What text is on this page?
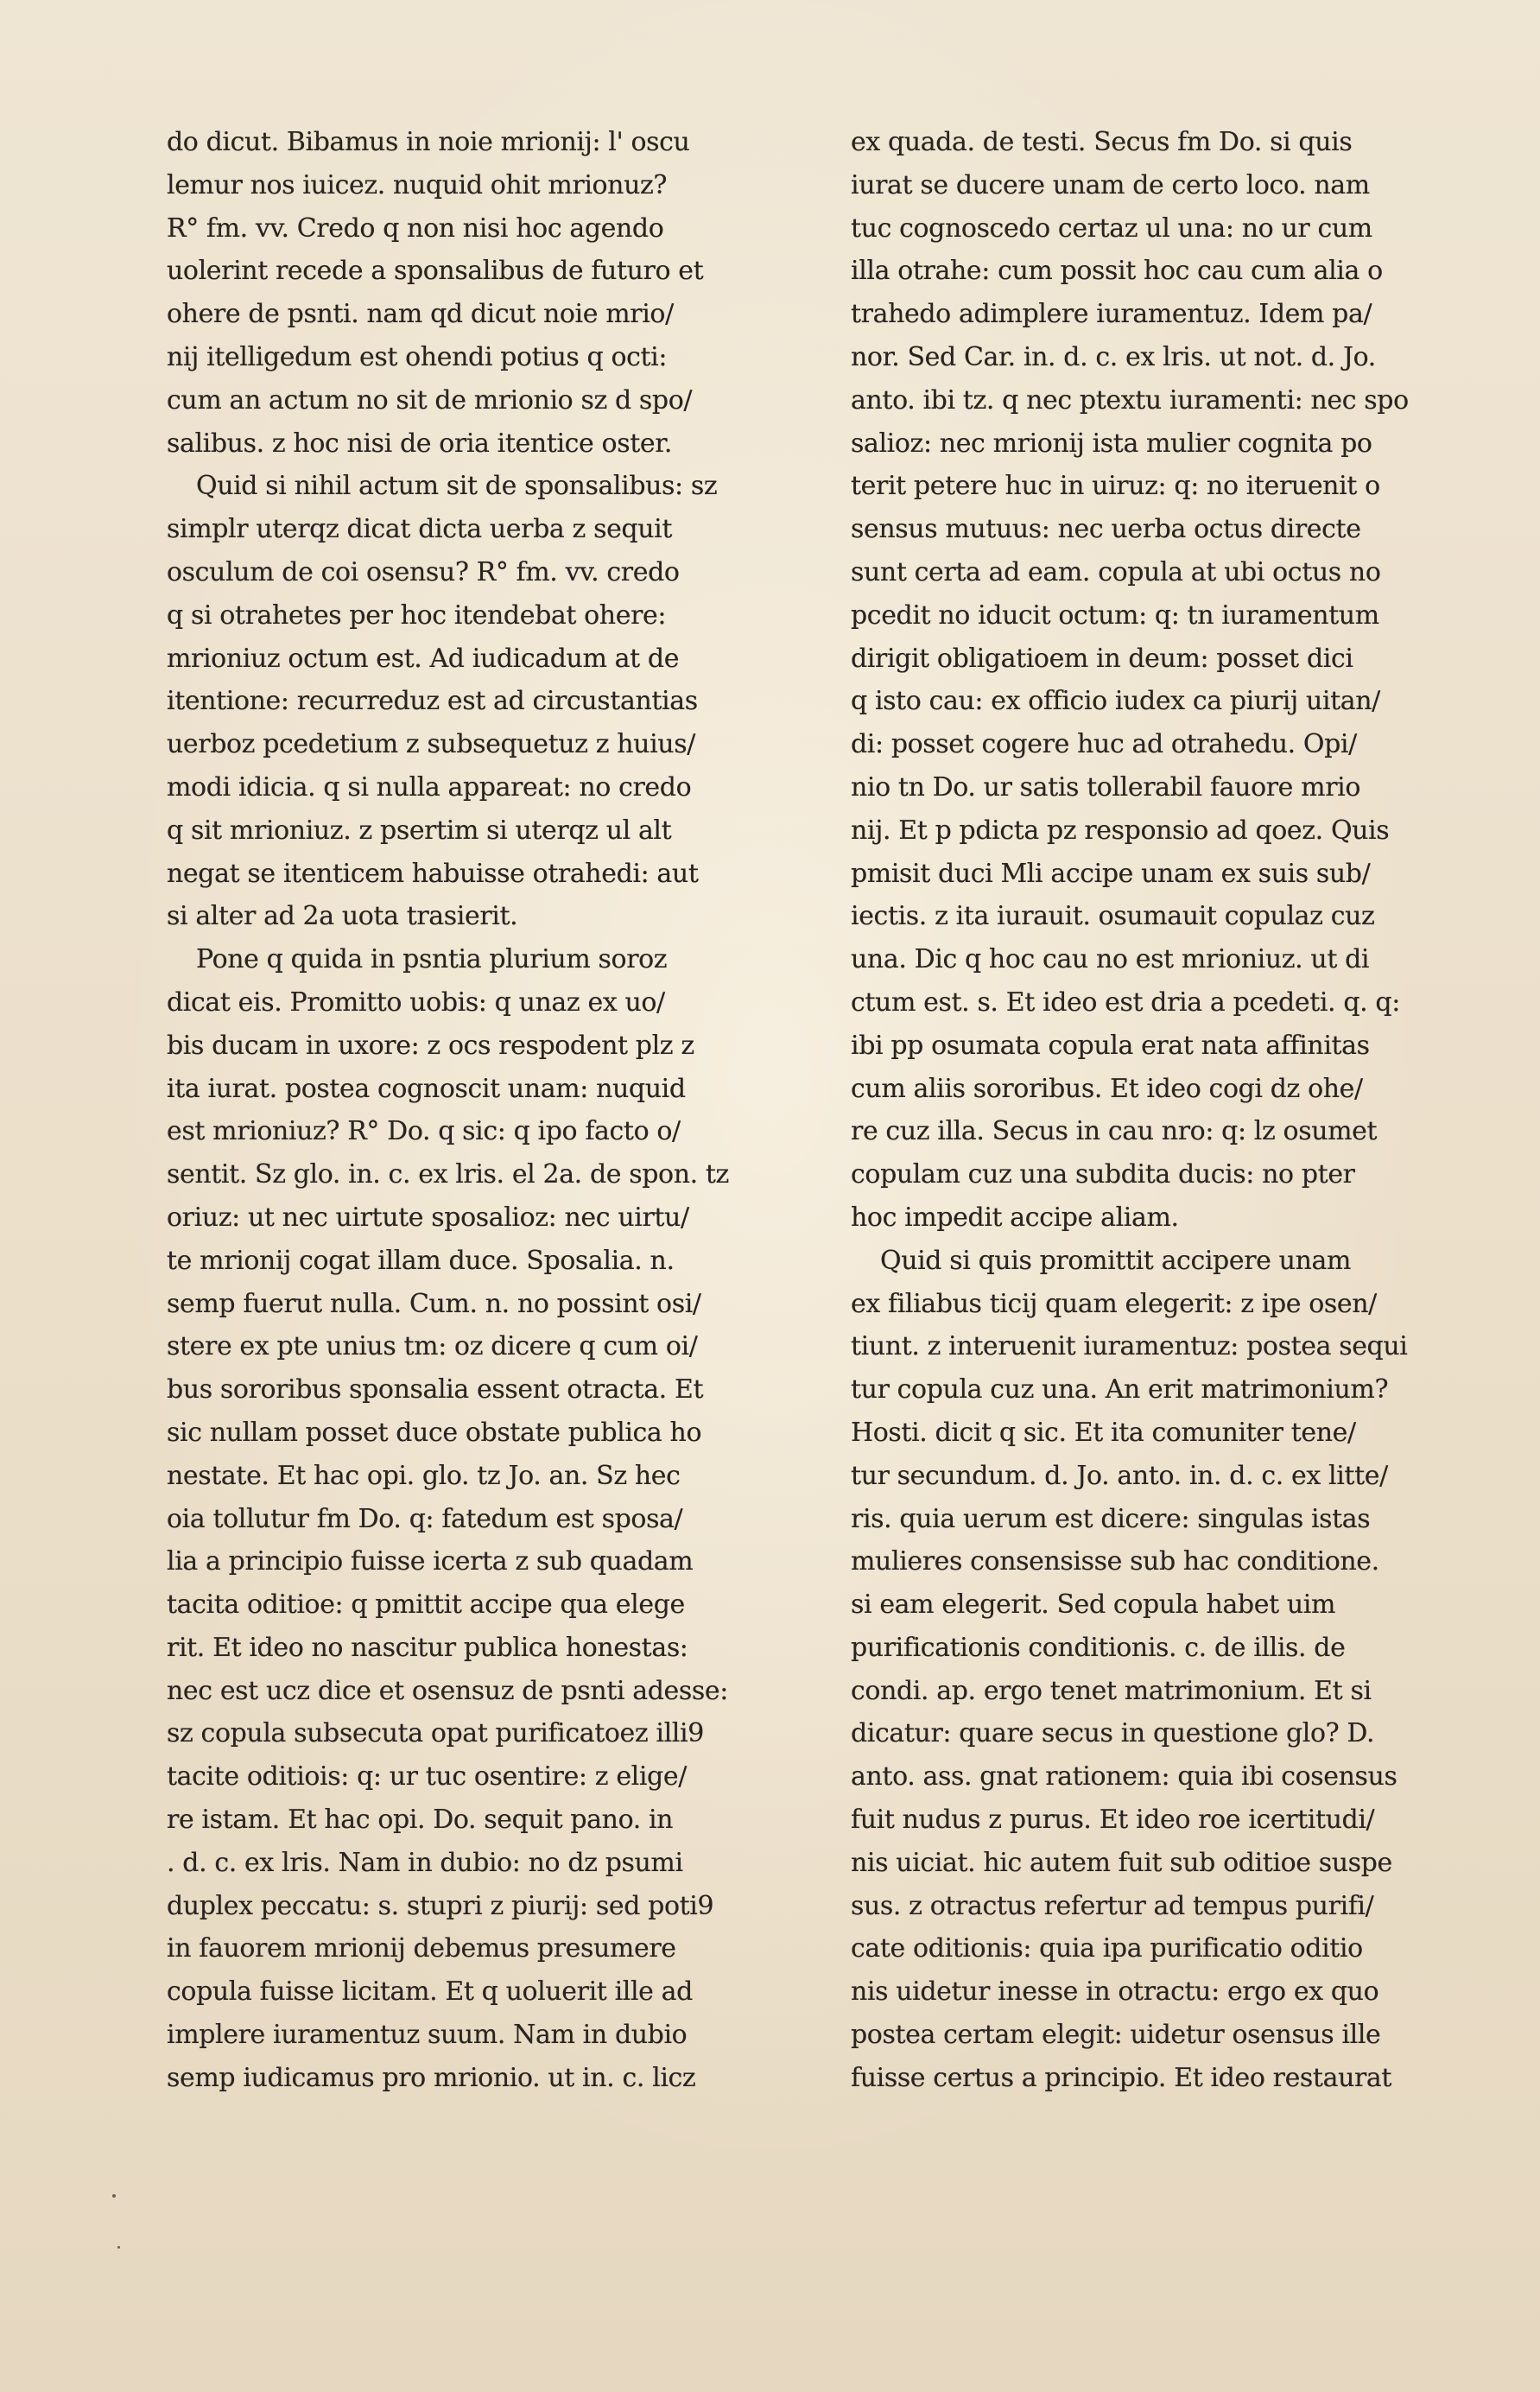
do dicut. Bibamus in noie mrionij: l' oscu
lemur nos iuicez. nuquid ohit mrionuz?
R° fm. vv. Credo q non nisi hoc agendo
uolerint recede a sponsalibus de futuro et
ohere de psnti. nam qd dicut noie mrio/
nij itelligedum est ohendi potius q octi:
cum an actum no sit de mrionio sz d spo/
salibus. z hoc nisi de oria itentice oster.
Quid si nihil actum sit de sponsalibus: sz
simplr uterqz dicat dicta uerba z sequit
osculum de coi osensu? R° fm. vv. credo
q si otrahetes per hoc itendebat ohere:
mrioniuz octum est. Ad iudicadum at de
itentione: recurreduz est ad circustantias
uerboz pcedetium z subsequetuz z huius/
modi idicia. q si nulla appareat: no credo
q sit mrioniuz. z psertim si uterqz ul alt
negat se itenticem habuisse otrahedi: aut
si alter ad 2a uota trasierit.
Pone q quida in psntia plurium soroz
dicat eis. Promitto uobis: q unaz ex uo/
bis ducam in uxore: z ocs respodent plz z
ita iurat. postea cognoscit unam: nuquid
est mrioniuz? R° Do. q sic: q ipo facto o/
sentit. Sz glo. in. c. ex lris. el 2a. de spon. tz
oriuz: ut nec uirtute sposalioz: nec uirtu/
te mrionij cogat illam duce. Sposalia. n.
semp fuerut nulla. Cum. n. no possint osi/
stere ex pte unius tm: oz dicere q cum oi/
bus sororibus sponsalia essent otracta. Et
sic nullam posset duce obstate publica ho
nestate. Et hac opi. glo. tz Jo. an. Sz hec
oia tollutur fm Do. q: fatedum est sposa/
lia a principio fuisse icerta z sub quadam
tacita oditioe: q pmittit accipe qua elege
rit. Et ideo no nascitur publica honestas:
nec est ucz dice et osensuz de psnti adesse:
sz copula subsecuta opat purificatoez illi9
tacite oditiois: q: ur tuc osentire: z elige/
re istam. Et hac opi. Do. sequit pano. in
. d. c. ex lris. Nam in dubio: no dz psumi
duplex peccatu: s. stupri z piurij: sed poti9
in fauorem mrionij debemus presumere
copula fuisse licitam. Et q uoluerit ille ad
implere iuramentuz suum. Nam in dubio
semp iudicamus pro mrionio. ut in. c. licz
ex quada. de testi. Secus fm Do. si quis
iurat se ducere unam de certo loco. nam
tuc cognoscedo certaz ul una: no ur cum
illa otrahe: cum possit hoc cau cum alia o
trahedo adimplere iuramentuz. Idem pa/
nor. Sed Car. in. d. c. ex lris. ut not. d. Jo.
anto. ibi tz. q nec ptextu iuramenti: nec spo
salioz: nec mrionij ista mulier cognita po
terit petere huc in uiruz: q: no iteruenit o
sensus mutuus: nec uerba octus directe
sunt certa ad eam. copula at ubi octus no
pcedit no iducit octum: q: tn iuramentum
dirigit obligatioem in deum: posset dici
q isto cau: ex officio iudex ca piurij uitan/
di: posset cogere huc ad otrahedu. Opi/
nio tn Do. ur satis tollerabil fauore mrio
nij. Et p pdicta pz responsio ad qoez. Quis
pmisit duci Mli accipe unam ex suis sub/
iectis. z ita iurauit. osumauit copulaz cuz
una. Dic q hoc cau no est mrioniuz. ut di
ctum est. s. Et ideo est dria a pcedeti. q. q:
ibi pp osumata copula erat nata affinitas
cum aliis sororibus. Et ideo cogi dz ohe/
re cuz illa. Secus in cau nro: q: lz osumet
copulam cuz una subdita ducis: no pter
hoc impedit accipe aliam.
Quid si quis promittit accipere unam
ex filiabus ticij quam elegerit: z ipe osen/
tiunt. z interuenit iuramentuz: postea sequi
tur copula cuz una. An erit matrimonium?
Hosti. dicit q sic. Et ita comuniter tene/
tur secundum. d. Jo. anto. in. d. c. ex litte/
ris. quia uerum est dicere: singulas istas
mulieres consensisse sub hac conditione.
si eam elegerit. Sed copula habet uim
purificationis conditionis. c. de illis. de
condi. ap. ergo tenet matrimonium. Et si
dicatur: quare secus in questione glo? D.
anto. ass. gnat rationem: quia ibi cosensus
fuit nudus z purus. Et ideo roe icertitudi/
nis uiciat. hic autem fuit sub oditioe suspe
sus. z otractus refertur ad tempus purifi/
cate oditionis: quia ipa purificatio oditio
nis uidetur inesse in otractu: ergo ex quo
postea certam elegit: uidetur osensus ille
fuisse certus a principio. Et ideo restaurat
